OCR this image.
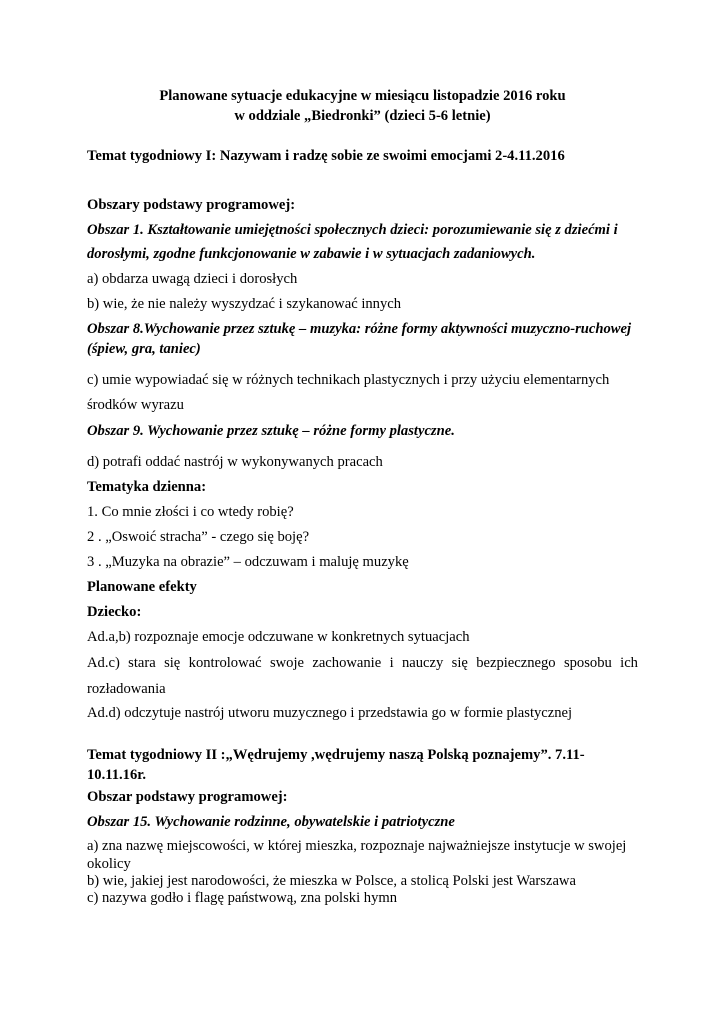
Planowane sytuacje edukacyjne w miesiącu listopadzie 2016 roku
w oddziale „Biedronki” (dzieci 5-6 letnie)
Temat tygodniowy I: Nazywam i radzę sobie ze swoimi emocjami 2-4.11.2016
Obszary podstawy programowej:
Obszar 1. Kształtowanie umiejętności społecznych dzieci: porozumiewanie się z dziećmi i
dorosłymi, zgodne funkcjonowanie w zabawie i w sytuacjach zadaniowych.
a) obdarza uwagą dzieci i dorosłych
b) wie, że nie należy wyszydzać i szykanować innych
Obszar 8.Wychowanie przez sztukę – muzyka: różne formy aktywności muzyczno-ruchowej
(śpiew, gra, taniec)
c) umie wypowiadać się w różnych technikach plastycznych i przy użyciu elementarnych
środków wyrazu
Obszar 9. Wychowanie przez sztukę – różne formy plastyczne.
d) potrafi oddać nastrój w wykonywanych pracach
Tematyka dzienna:
1. Co mnie złości i co wtedy robię?
2 . „Oswoić stracha” - czego się boję?
3 . „Muzyka na obrazie” – odczuwam i maluję muzykę
Planowane efekty
Dziecko:
Ad.a,b) rozpoznaje emocje odczuwane w konkretnych sytuacjach
Ad.c) stara się kontrolować swoje zachowanie i nauczy się bezpiecznego sposobu ich
rozładowania
Ad.d) odczytuje nastrój utworu muzycznego i przedstawia go w formie plastycznej
Temat tygodniowy II :„Wędrujemy ,wędrujemy naszą Polską poznajemy”. 7.11-
10.11.16r.
Obszar podstawy programowej:
Obszar 15. Wychowanie rodzinne, obywatelskie i patriotyczne
a) zna nazwę miejscowości, w której mieszka, rozpoznaje najważniejsze instytucje w swojej
okolicy
b) wie, jakiej jest narodowości, że mieszka w Polsce, a stolicą Polski jest Warszawa
c) nazywa godło i flagę państwową, zna polski hymn
